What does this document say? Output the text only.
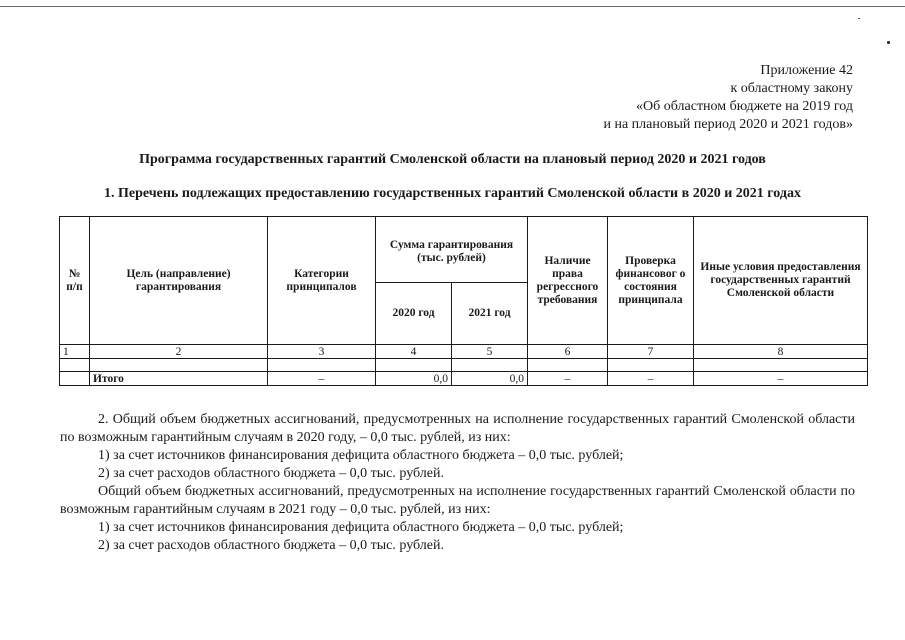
Приложение 42
к областному закону
«Об областном бюджете на 2019 год
и на плановый период 2020 и 2021 годов»
Программа государственных гарантий Смоленской области на плановый период 2020 и 2021 годов
1. Перечень подлежащих предоставлению государственных гарантий Смоленской области в 2020 и 2021 годах
№ п/п	Цель (направление) гарантирования	Категории принципалов	Сумма гарантирования (тыс. рублей)		Наличие права регрессного требования	Проверка финансовог о состояния принципала	Иные условия предоставления государственных гарантий Смоленской области
			2020 год	2021 год			
1	2	3	4	5	6	7	8

	Итого	–	0,0	0,0	–	–	–

2. Общий объем бюджетных ассигнований, предусмотренных на исполнение государственных гарантий Смоленской области по возможным гарантийным случаям в 2020 году, – 0,0 тыс. рублей, из них:

1) за счет источников финансирования дефицита областного бюджета – 0,0 тыс. рублей;

2) за счет расходов областного бюджета – 0,0 тыс. рублей.

Общий объем бюджетных ассигнований, предусмотренных на исполнение государственных гарантий Смоленской области по возможным гарантийным случаям в 2021 году – 0,0 тыс. рублей, из них:

1) за счет источников финансирования дефицита областного бюджета – 0,0 тыс. рублей;

2) за счет расходов областного бюджета – 0,0 тыс. рублей.
